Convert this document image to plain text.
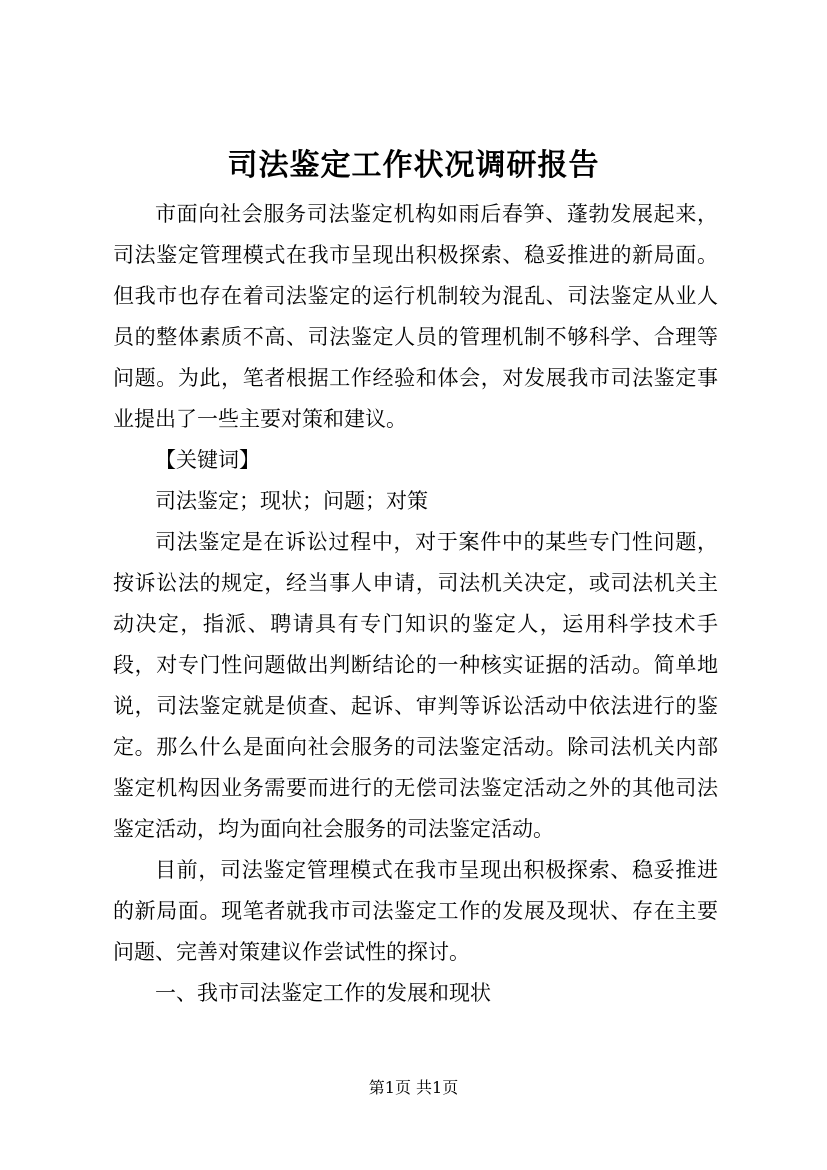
司法鉴定工作状况调研报告

市面向社会服务司法鉴定机构如雨后春笋、蓬勃发展起来，司法鉴定管理模式在我市呈现出积极探索、稳妥推进的新局面。但我市也存在着司法鉴定的运行机制较为混乱、司法鉴定从业人员的整体素质不高、司法鉴定人员的管理机制不够科学、合理等问题。为此，笔者根据工作经验和体会，对发展我市司法鉴定事业提出了一些主要对策和建议。

【关键词】

司法鉴定；现状；问题；对策

司法鉴定是在诉讼过程中，对于案件中的某些专门性问题，按诉讼法的规定，经当事人申请，司法机关决定，或司法机关主动决定，指派、聘请具有专门知识的鉴定人，运用科学技术手段，对专门性问题做出判断结论的一种核实证据的活动。简单地说，司法鉴定就是侦查、起诉、审判等诉讼活动中依法进行的鉴定。那么什么是面向社会服务的司法鉴定活动。除司法机关内部鉴定机构因业务需要而进行的无偿司法鉴定活动之外的其他司法鉴定活动，均为面向社会服务的司法鉴定活动。

目前，司法鉴定管理模式在我市呈现出积极探索、稳妥推进的新局面。现笔者就我市司法鉴定工作的发展及现状、存在主要问题、完善对策建议作尝试性的探讨。

一、我市司法鉴定工作的发展和现状

第1页 共1页
